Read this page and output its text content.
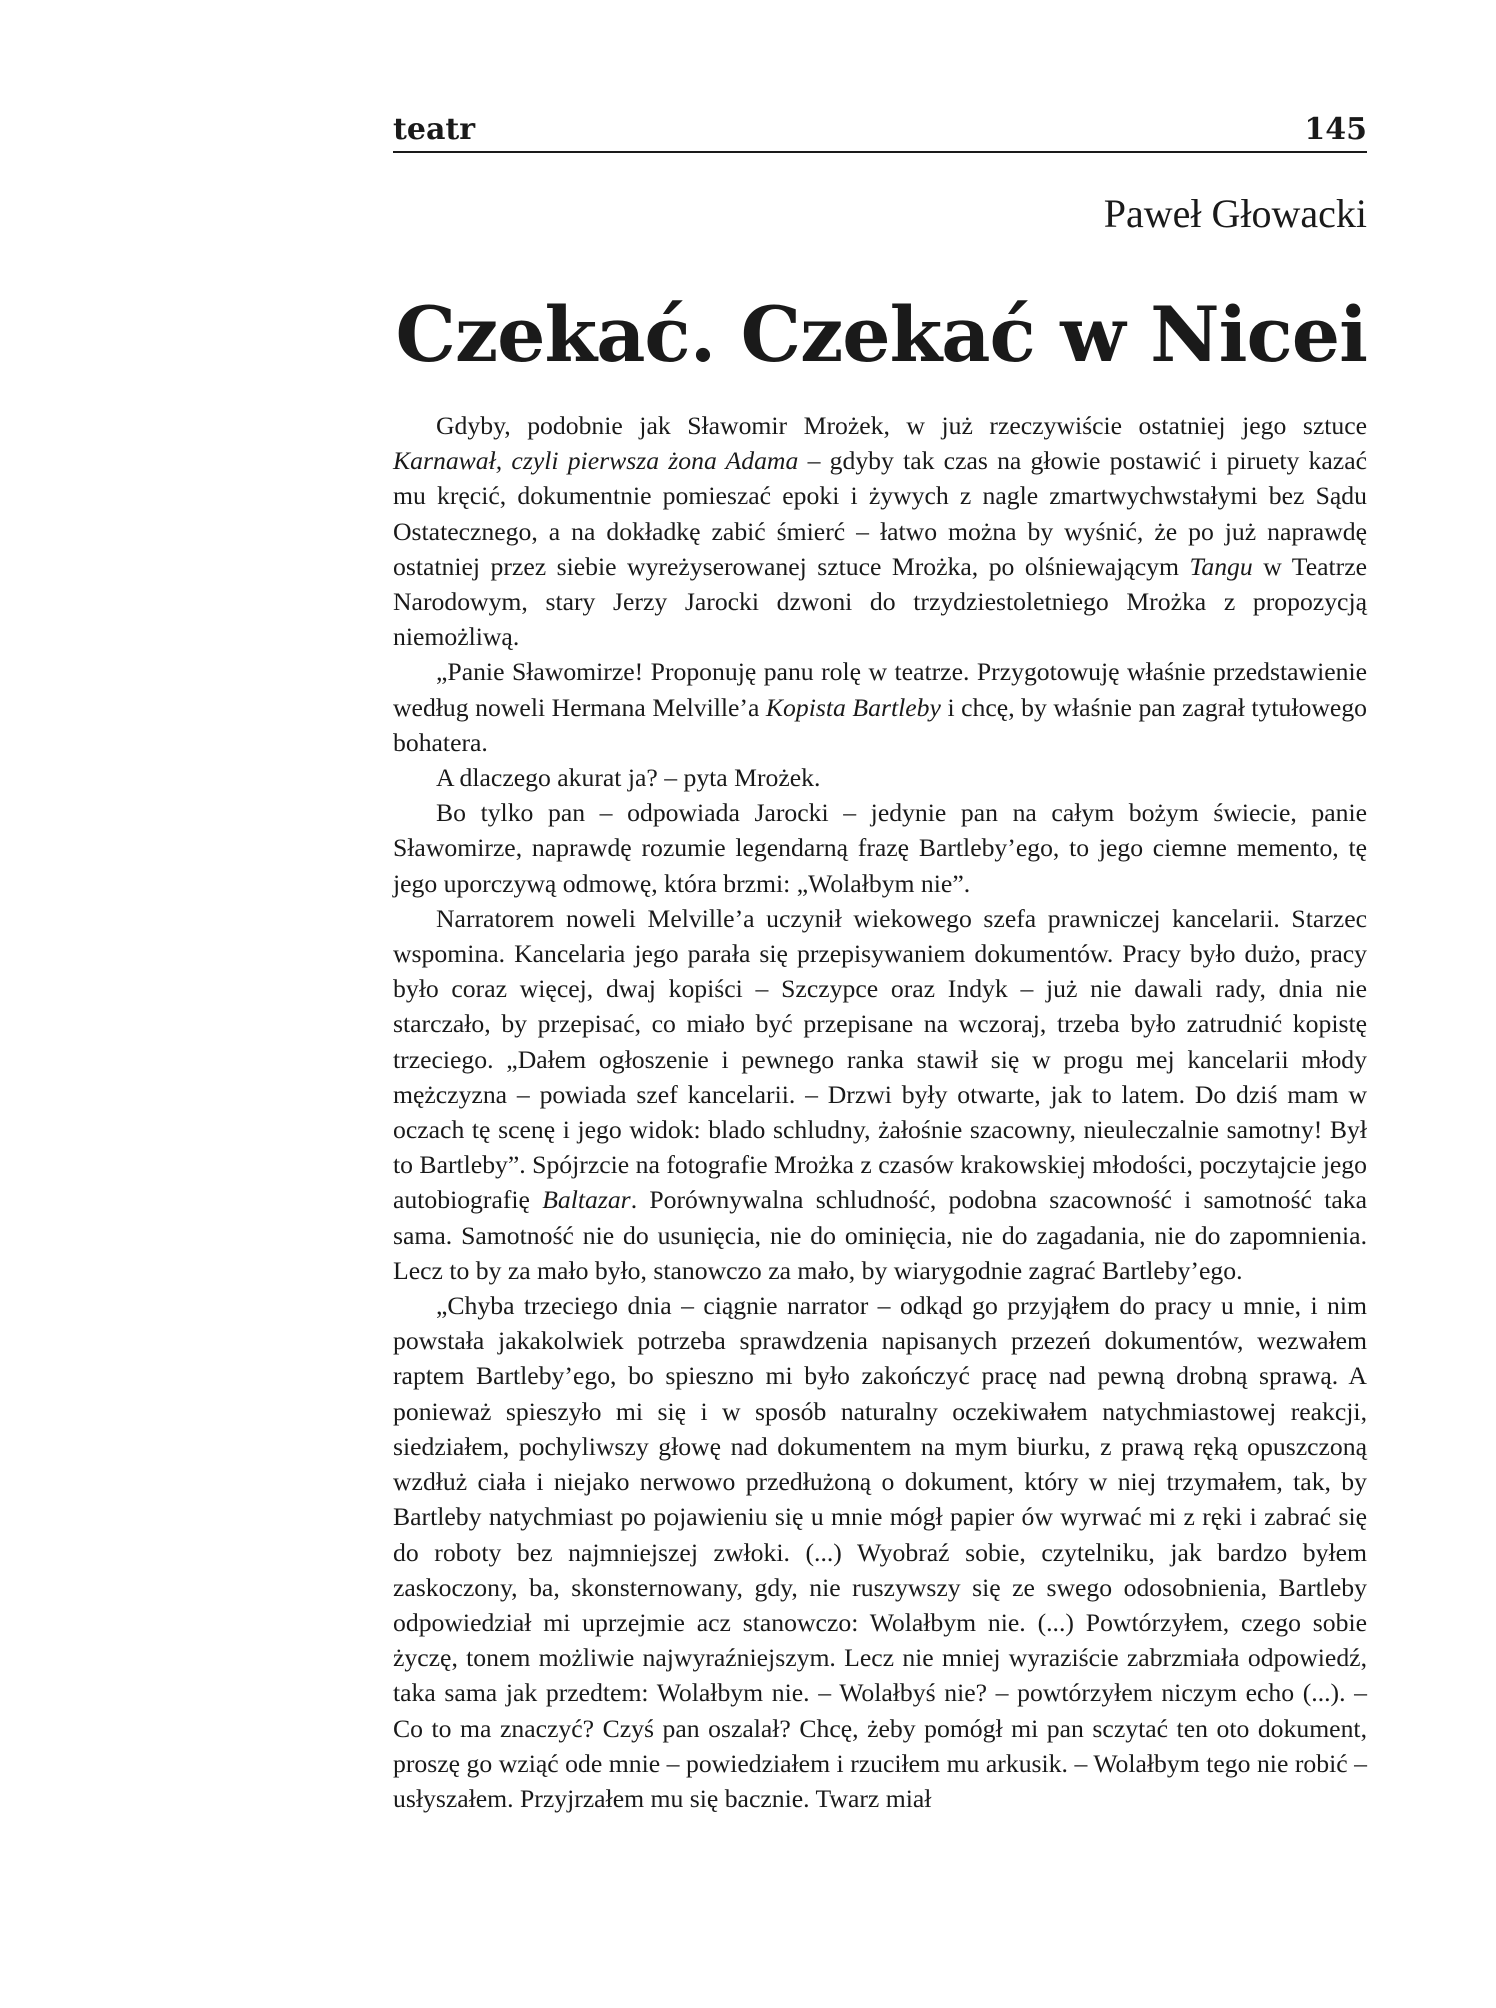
teatr	145
Paweł Głowacki
Czekać. Czekać w Nicei

Gdyby, podobnie jak Sławomir Mrożek, w już rzeczywiście ostatniej jego sztuce Karnawał, czyli pierwsza żona Adama – gdyby tak czas na głowie postawić i piruety kazać mu kręcić, dokumentnie pomieszać epoki i żywych z nagle zmartwychwstałymi bez Sądu Ostatecznego, a na dokładkę zabić śmierć – łatwo można by wyśnić, że po już naprawdę ostatniej przez siebie wyreżyserowanej sztuce Mrożka, po olśniewającym Tangu w Teatrze Narodowym, stary Jerzy Jarocki dzwoni do trzydziestoletniego Mrożka z propozycją niemożliwą.

„Panie Sławomirze! Proponuję panu rolę w teatrze. Przygotowuję właśnie przedstawienie według noweli Hermana Melville’a Kopista Bartleby i chcę, by właśnie pan zagrał tytułowego bohatera.

A dlaczego akurat ja? – pyta Mrożek.

Bo tylko pan – odpowiada Jarocki – jedynie pan na całym bożym świecie, panie Sławomirze, naprawdę rozumie legendarną frazę Bartleby’ego, to jego ciemne memento, tę jego uporczywą odmowę, która brzmi: „Wolałbym nie”.

Narratorem noweli Melville’a uczynił wiekowego szefa prawniczej kancelarii. Starzec wspomina. Kancelaria jego parała się przepisywaniem dokumentów. Pracy było dużo, pracy było coraz więcej, dwaj kopiści – Szczypce oraz Indyk – już nie dawali rady, dnia nie starczało, by przepisać, co miało być przepisane na wczoraj, trzeba było zatrudnić kopistę trzeciego. „Dałem ogłoszenie i pewnego ranka stawił się w progu mej kancelarii młody mężczyzna – powiada szef kancelarii. – Drzwi były otwarte, jak to latem. Do dziś mam w oczach tę scenę i jego widok: blado schludny, żałośnie szacowny, nieuleczalnie samotny! Był to Bartleby”. Spójrzcie na fotografie Mrożka z czasów krakowskiej młodości, poczytajcie jego autobiografię Baltazar. Porównywalna schludność, podobna szacowność i samotność taka sama. Samotność nie do usunięcia, nie do ominięcia, nie do zagadania, nie do zapomnienia. Lecz to by za mało było, stanowczo za mało, by wiarygodnie zagrać Bartleby’ego.

„Chyba trzeciego dnia – ciągnie narrator – odkąd go przyjąłem do pracy u mnie, i nim powstała jakakolwiek potrzeba sprawdzenia napisanych przezeń dokumentów, wezwałem raptem Bartleby’ego, bo spieszno mi było zakończyć pracę nad pewną drobną sprawą. A ponieważ spieszyło mi się i w sposób naturalny oczekiwałem natychmiastowej reakcji, siedziałem, pochyliwszy głowę nad dokumentem na mym biurku, z prawą ręką opuszczoną wzdłuż ciała i niejako nerwowo przedłużoną o dokument, który w niej trzymałem, tak, by Bartleby natychmiast po pojawieniu się u mnie mógł papier ów wyrwać mi z ręki i zabrać się do roboty bez najmniejszej zwłoki. (...) Wyobraź sobie, czytelniku, jak bardzo byłem zaskoczony, ba, skonsternowany, gdy, nie ruszywszy się ze swego odosobnienia, Bartleby odpowiedział mi uprzejmie acz stanowczo: Wolałbym nie. (...) Powtórzyłem, czego sobie życzę, tonem możliwie najwyraźniejszym. Lecz nie mniej wyraziście zabrzmiała odpowiedź, taka sama jak przedtem: Wolałbym nie. – Wolałbyś nie? – powtórzyłem niczym echo (...). – Co to ma znaczyć? Czyś pan oszalał? Chcę, żeby pomógł mi pan sczytać ten oto dokument, proszę go wziąć ode mnie – powiedziałem i rzuciłem mu arkusik. – Wolałbym tego nie robić – usłyszałem. Przyjrzałem mu się bacznie. Twarz miał
